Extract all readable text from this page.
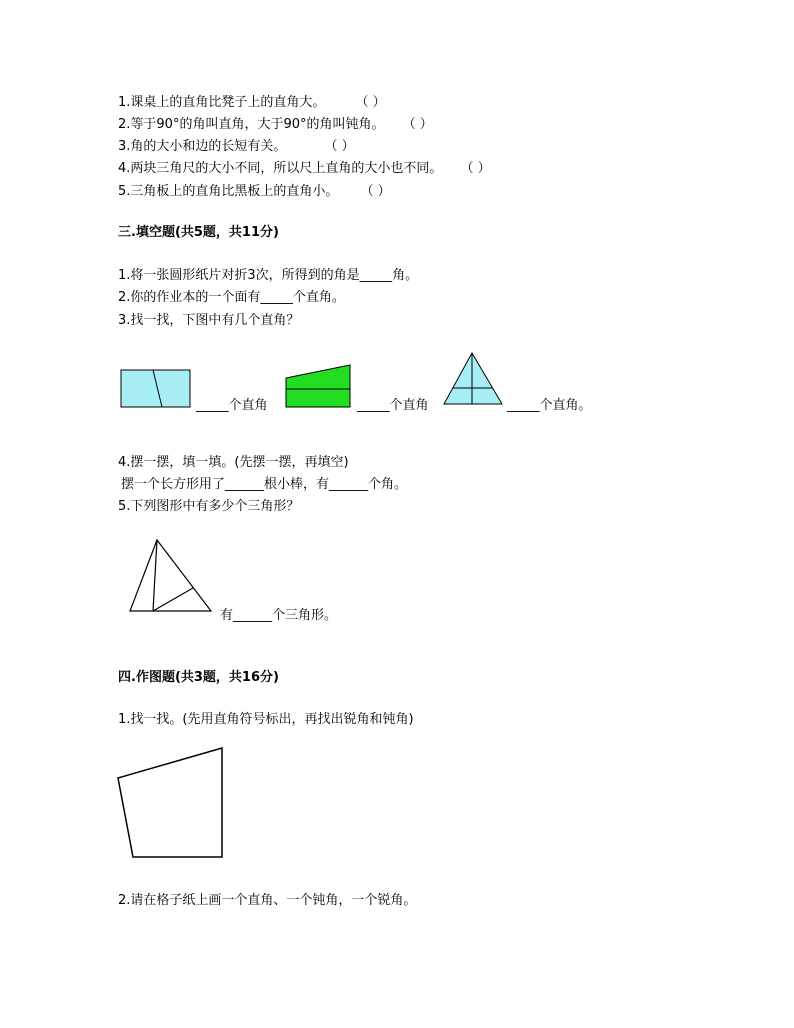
1.课桌上的直角比凳子上的直角大。 （ ）
2.等于90°的角叫直角，大于90°的角叫钝角。 （ ）
3.角的大小和边的长短有关。	（ ）
4.两块三角尺的大小不同，所以尺上直角的大小也不同。 （ ）
5.三角板上的直角比黑板上的直角小。 （ ）
三.填空题(共5题，共11分)
1.将一张圆形纸片对折3次，所得到的角是_____角。
2.你的作业本的一个面有_____个直角。
3.找一找，下图中有几个直角？
_____个直角	_____个直角	_____个直角。
4.摆一摆，填一填。(先摆一摆，再填空)
摆一个长方形用了______根小棒，有______个角。
5.下列图形中有多少个三角形？
有______个三角形。
四.作图题(共3题，共16分)
1.找一找。(先用直角符号标出，再找出锐角和钝角)
2.请在格子纸上画一个直角、一个钝角，一个锐角。
